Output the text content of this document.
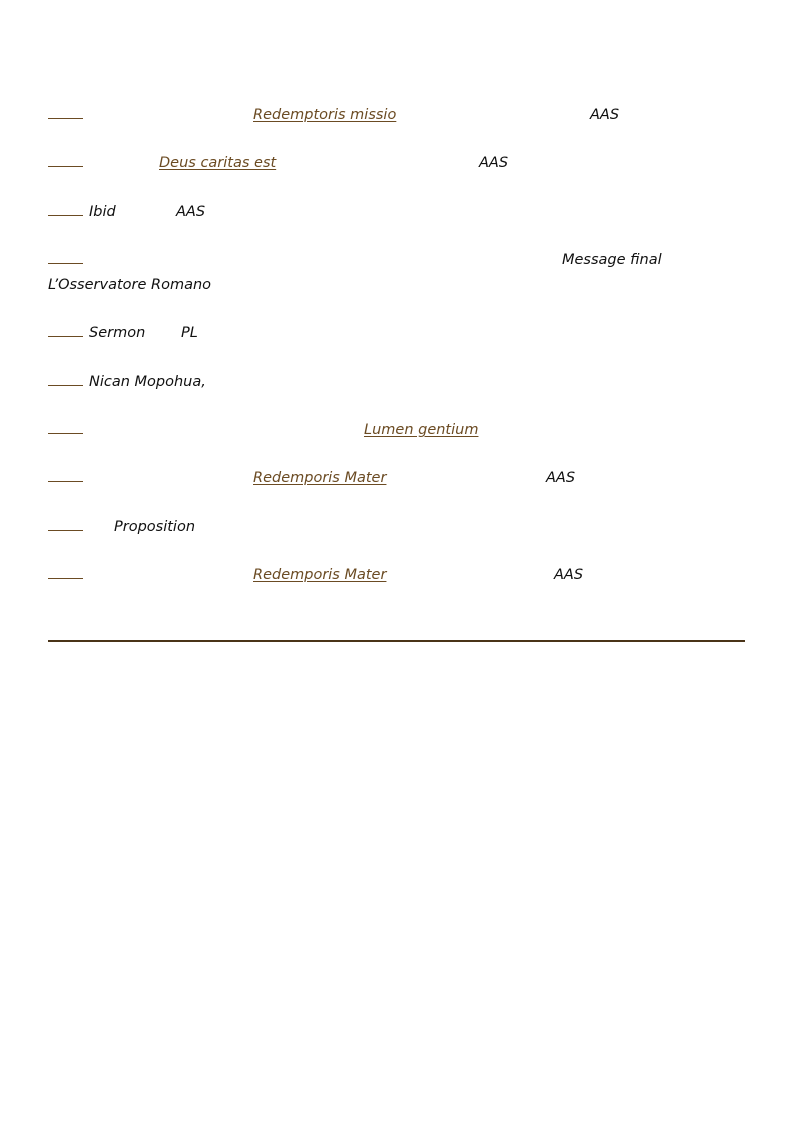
Redemptoris missio	AAS
Deus caritas est	AAS
Ibid	AAS
Message final
L’Osservatore Romano
Sermon PL
Nican Mopohua,
Lumen gentium
Redemporis Mater	AAS
Proposition
Redemporis Mater	AAS
